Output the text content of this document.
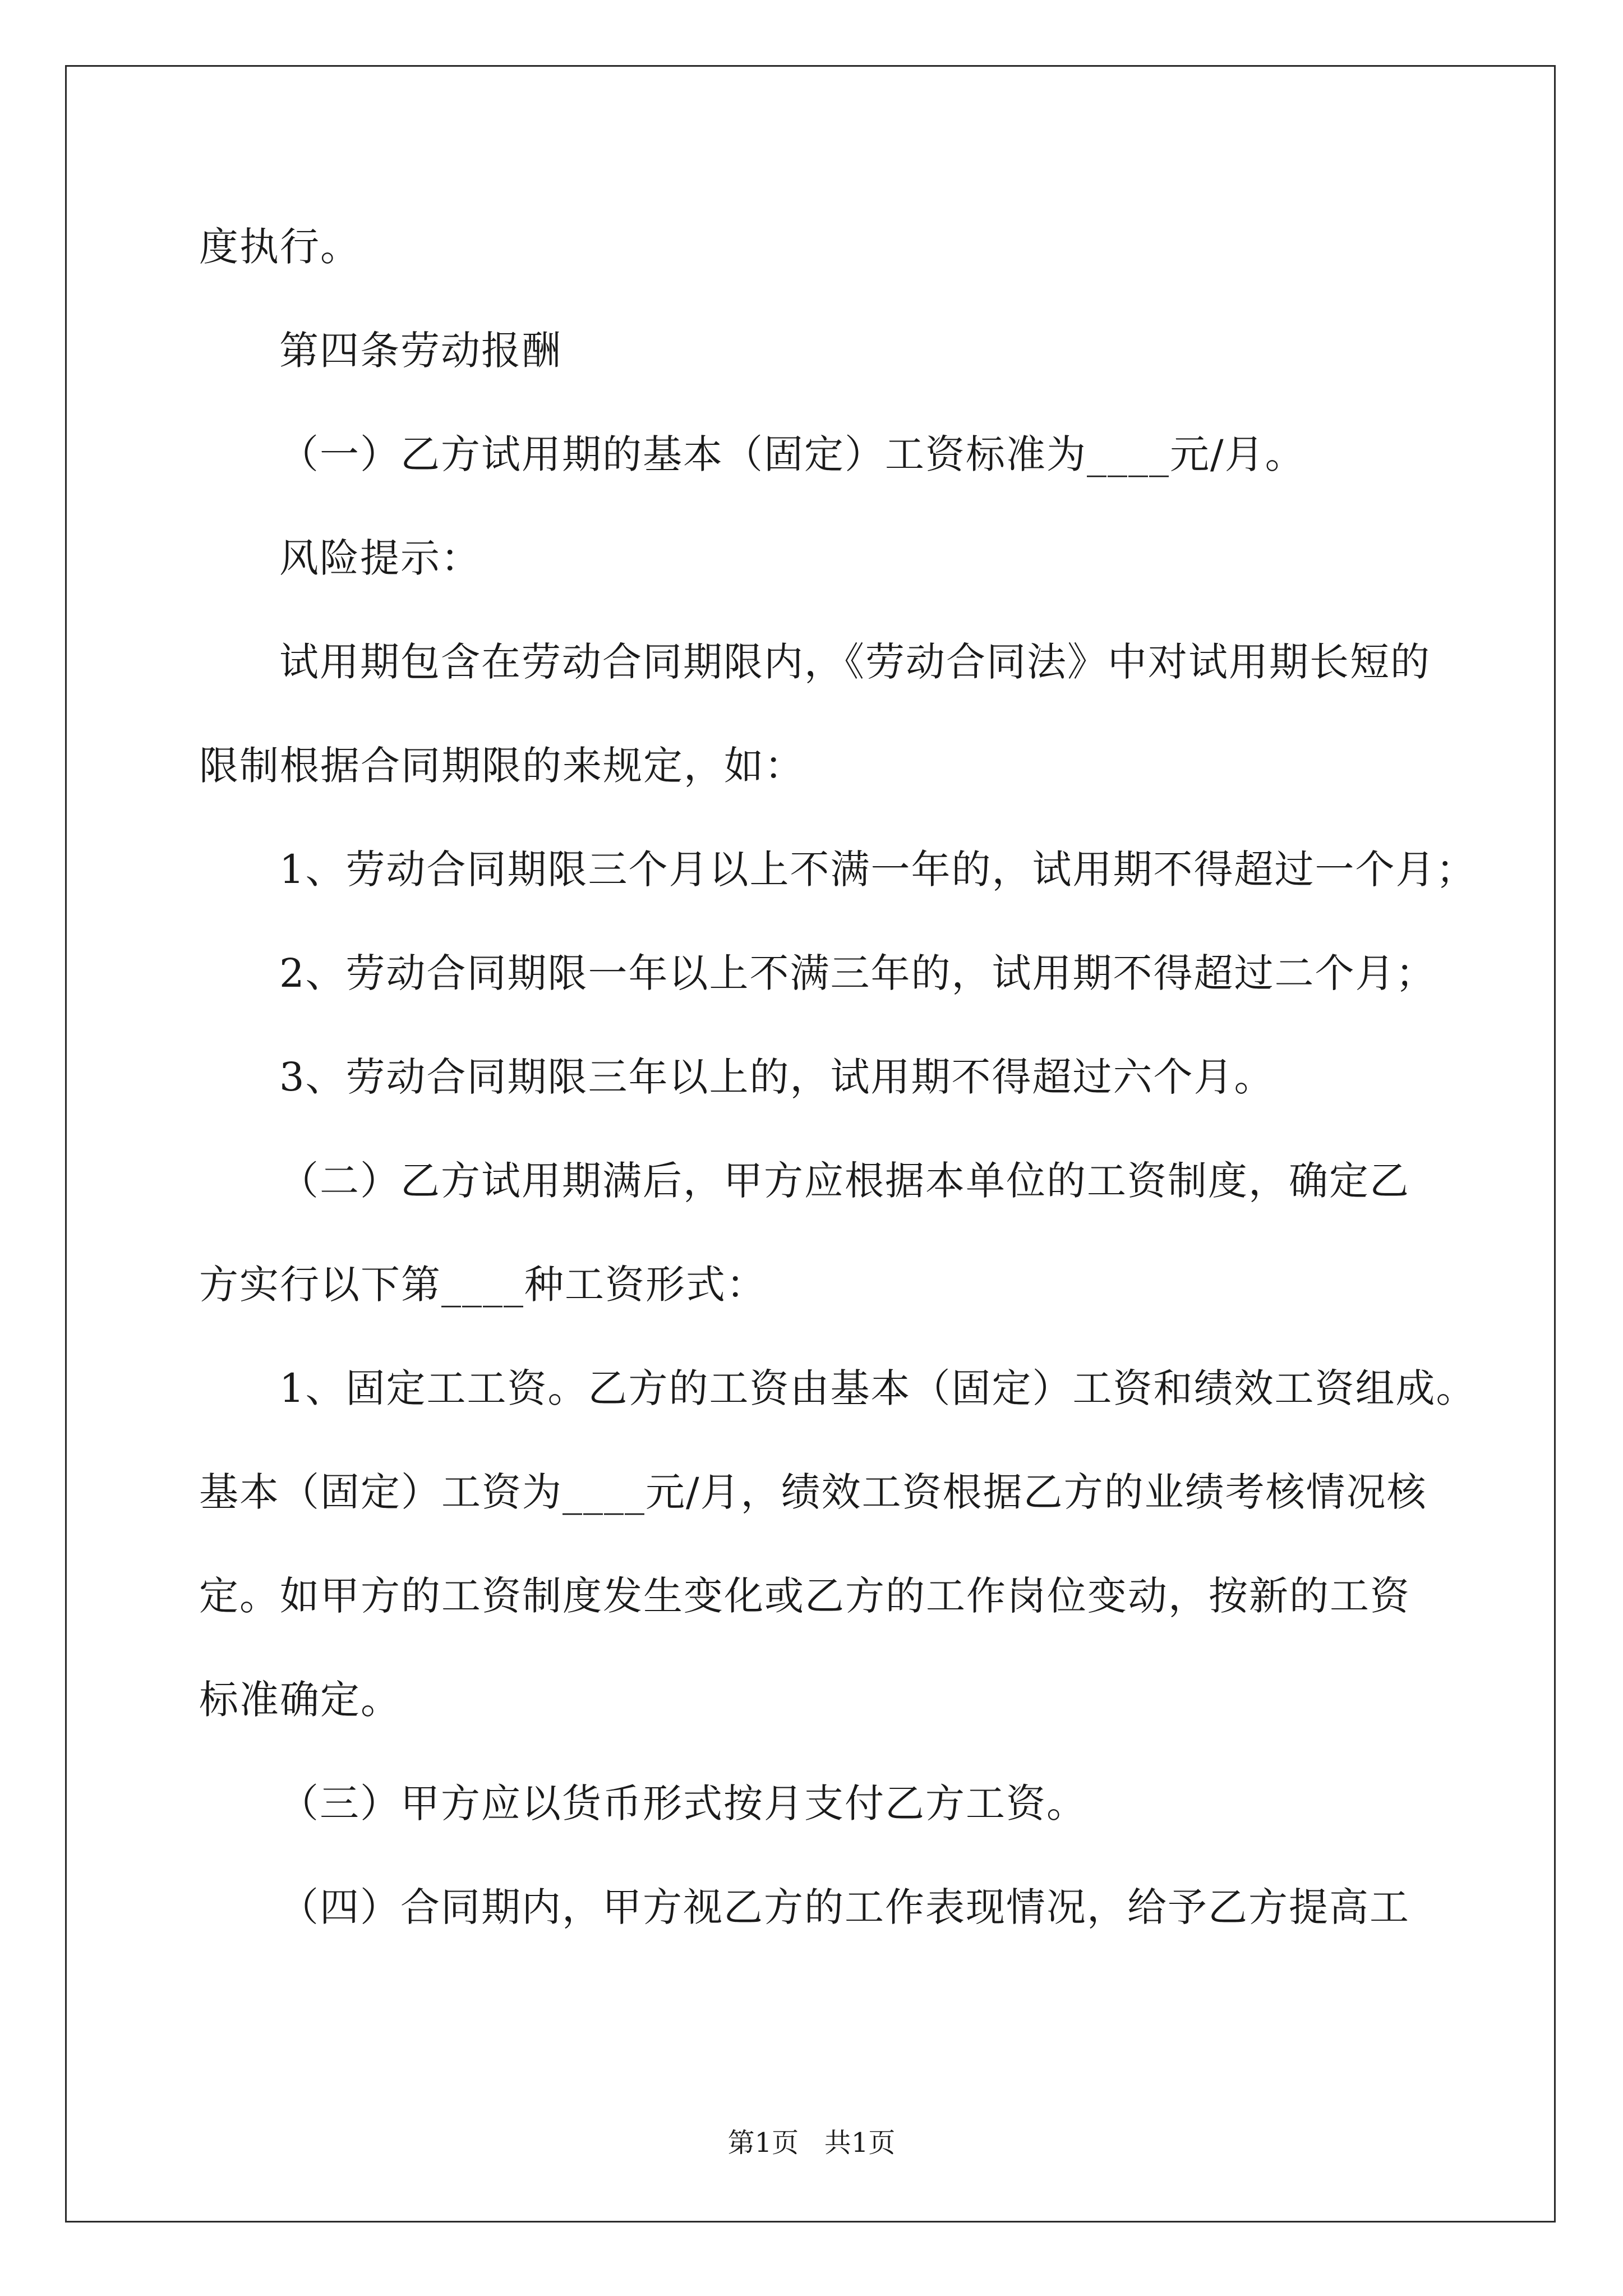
度执行。
第四条劳动报酬
（一）乙方试用期的基本（固定）工资标准为____元/月。
风险提示：
试用期包含在劳动合同期限内，《劳动合同法》中对试用期长短的
限制根据合同期限的来规定，如：
1、劳动合同期限三个月以上不满一年的，试用期不得超过一个月；
2、劳动合同期限一年以上不满三年的，试用期不得超过二个月；
3、劳动合同期限三年以上的，试用期不得超过六个月。
（二）乙方试用期满后，甲方应根据本单位的工资制度，确定乙
方实行以下第____种工资形式：
1、固定工工资。乙方的工资由基本（固定）工资和绩效工资组成。
基本（固定）工资为____元/月，绩效工资根据乙方的业绩考核情况核
定。如甲方的工资制度发生变化或乙方的工作岗位变动，按新的工资
标准确定。
（三）甲方应以货币形式按月支付乙方工资。
（四）合同期内，甲方视乙方的工作表现情况，给予乙方提高工
第1页   共1页
